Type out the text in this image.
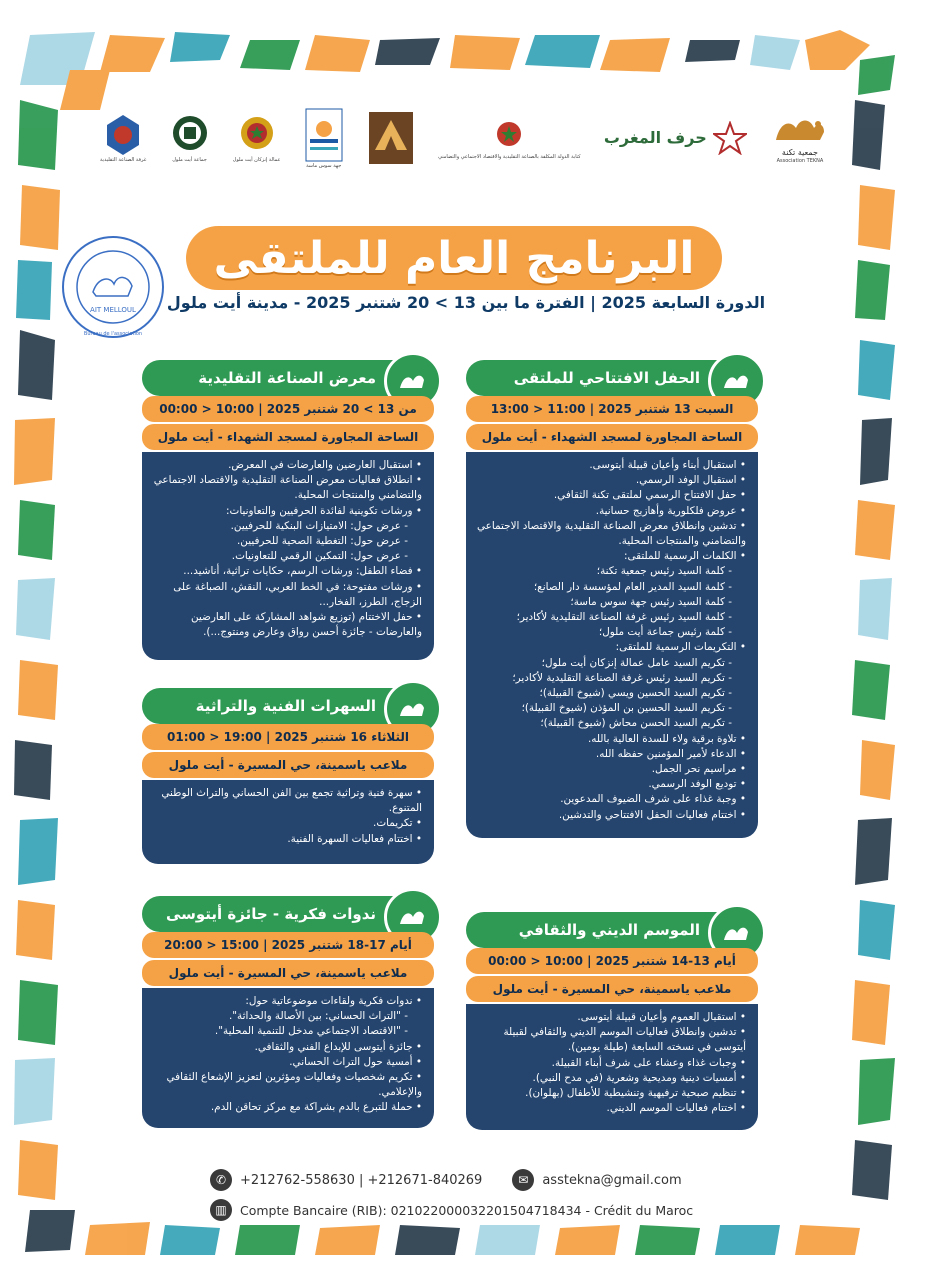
جمعية تكنة
Association TEKNA
حرف المغرب
كتابة الدولة المكلفة بالصناعة التقليدية والاقتصاد الاجتماعي والتضامني
جهة سوس ماسة
عمالة إنزكان أيت ملول
جماعة أيت ملول
غرفة الصناعة التقليدية
AIT MELLOUL
Bureau de l'association
البرنامج العام للملتقى
الدورة السابعة 2025 | الفترة ما بين 13 > 20 شتنبر 2025 - مدينة أيت ملول
الحفل الافتتاحي للملتقى
السبت 13 شتنبر 2025 | 11:00 < 13:00
الساحة المجاورة لمسجد الشهداء - أيت ملول
• استقبال أبناء وأعيان قبيلة أيتوسى.
• استقبال الوفد الرسمي.
• حفل الافتتاح الرسمي لملتقى تكنة الثقافي.
• عروض فلكلورية وأهازيج حسانية.
• تدشين وانطلاق معرض الصناعة التقليدية والاقتصاد الاجتماعي والتضامني والمنتجات المحلية.
• الكلمات الرسمية للملتقى:
- كلمة السيد رئيس جمعية تكنة؛
- كلمة السيد المدير العام لمؤسسة دار الصانع؛
- كلمة السيد رئيس جهة سوس ماسة؛
- كلمة السيد رئيس غرفة الصناعة التقليدية لأكادير؛
- كلمة رئيس جماعة أيت ملول؛
• التكريمات الرسمية للملتقى:
- تكريم السيد عامل عمالة إنزكان أيت ملول؛
- تكريم السيد رئيس غرفة الصناعة التقليدية لأكادير؛
- تكريم السيد الحسين ويسي (شيوخ القبيلة)؛
- تكريم السيد الحسين بن المؤذن (شيوخ القبيلة)؛
- تكريم السيد الحسن محاش (شيوخ القبيلة)؛
• تلاوة برقية ولاء للسدة العالية بالله.
• الدعاء لأمير المؤمنين حفظه الله.
• مراسيم نحر الجمل.
• توديع الوفد الرسمي.
• وجبة غذاء على شرف الضيوف المدعوين.
• اختتام فعاليات الحفل الافتتاحي والتدشين.
معرض الصناعة التقليدية
من 13 > 20 شتنبر 2025 | 10:00 < 00:00
الساحة المجاورة لمسجد الشهداء - أيت ملول
• استقبال العارضين والعارضات في المعرض.
• انطلاق فعاليات معرض الصناعة التقليدية والاقتصاد الاجتماعي والتضامني والمنتجات المحلية.
• ورشات تكوينية لفائدة الحرفيين والتعاونيات:
- عرض حول: الامتيازات البنكية للحرفيين.
- عرض حول: التغطية الصحية للحرفيين.
- عرض حول: التمكين الرقمي للتعاونيات.
• فضاء الطفل: ورشات الرسم، حكايات تراثية، أناشيد...
• ورشات مفتوحة: في الخط العربي، النقش، الصباغة على الزجاج، الطرز، الفخار...
• حفل الاختتام (توزيع شواهد المشاركة على العارضين والعارضات - جائزة أحسن رواق وعارض ومنتوج...).
السهرات الفنية والتراثية
الثلاثاء 16 شتنبر 2025 | 19:00 < 01:00
ملاعب ياسمينة، حي المسيرة - أيت ملول
• سهرة فنية وتراثية تجمع بين الفن الحساني والتراث الوطني المتنوع.
• تكريمات.
• اختتام فعاليات السهرة الفنية.
ندوات فكرية - جائزة أيتوسى
أيام 17-18 شتنبر 2025 | 15:00 < 20:00
ملاعب ياسمينة، حي المسيرة - أيت ملول
• ندوات فكرية ولقاءات موضوعاتية حول:
- "التراث الحساني: بين الأصالة والحداثة".
- "الاقتصاد الاجتماعي مدخل للتنمية المحلية".
• جائزة أيتوسى للإبداع الفني والثقافي.
• أمسية حول التراث الحساني.
• تكريم شخصيات وفعاليات ومؤثرين لتعزيز الإشعاع الثقافي والإعلامي.
• حملة للتبرع بالدم بشراكة مع مركز تحاقن الدم.
الموسم الديني والثقافي
أيام 13-14 شتنبر 2025 | 10:00 < 00:00
ملاعب ياسمينة، حي المسيرة - أيت ملول
• استقبال العموم وأعيان قبيلة أيتوسى.
• تدشين وانطلاق فعاليات الموسم الديني والثقافي لقبيلة أيتوسى في نسخته السابعة (طيلة يومين).
• وجبات غذاء وعشاء على شرف أبناء القبيلة.
• أمسيات دينية ومديحية وشعرية (في مدح النبي).
• تنظيم صبحية ترفيهية وتنشيطية للأطفال (بهلوان).
• اختتام فعاليات الموسم الديني.
✆	+212762-558630 | +212671-840269	✉	asstekna@gmail.com
▥	Compte Bancaire (RIB): 021022000032201504718434 - Crédit du Maroc
